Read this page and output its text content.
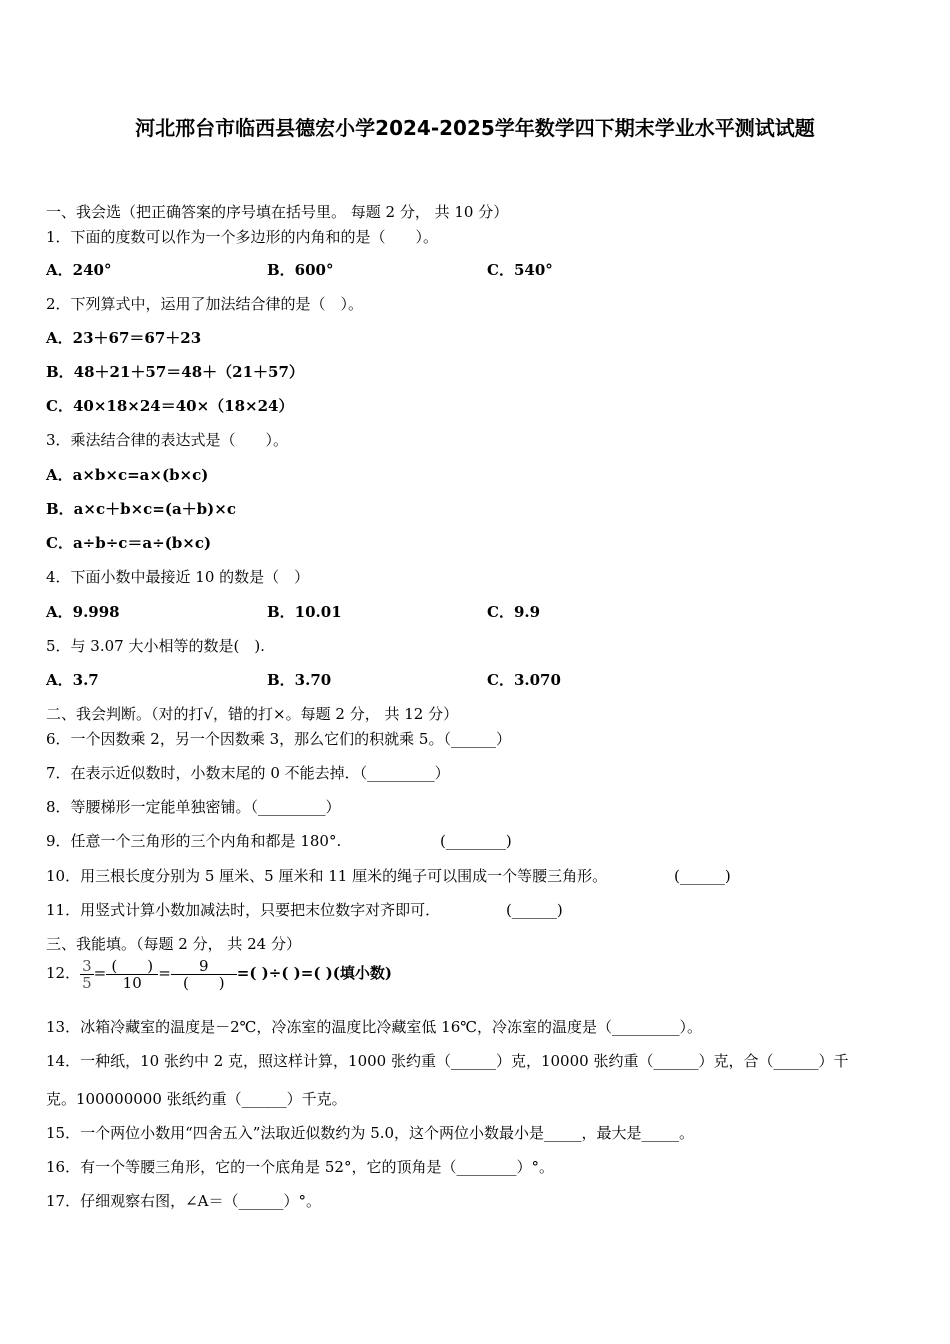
河北邢台市临西县德宏小学2024-2025学年数学四下期末学业水平测试试题
一、我会选（把正确答案的序号填在括号里。 每题 2 分， 共 10 分）
1．下面的度数可以作为一个多边形的内角和的是（　　）。
A．240°	B．600°	C．540°
2．下列算式中，运用了加法结合律的是（　）。
A．23＋67＝67＋23
B．48＋21＋57＝48＋（21＋57）
C．40×18×24＝40×（18×24）
3．乘法结合律的表达式是（　　）。
A．a×b×c=a×(b×c)
B．a×c＋b×c=(a＋b)×c
C．a÷b÷c＝a÷(b×c)
4．下面小数中最接近 10 的数是（　）
A．9.998	B．10.01	C．9.9
5．与 3.07 大小相等的数是(　).
A．3.7	B．3.70	C．3.070
二、我会判断。（对的打√，错的打×。每题 2 分， 共 12 分）
6．一个因数乘 2，另一个因数乘 3，那么它们的积就乘 5。（______）
7．在表示近似数时，小数末尾的 0 不能去掉．（_________）
8．等腰梯形一定能单独密铺。（_________）
9．任意一个三角形的三个内角和都是 180°.	(________)
10．用三根长度分别为 5 厘米、5 厘米和 11 厘米的绳子可以围成一个等腰三角形。	(______)
11．用竖式计算小数加减法时，只要把末位数字对齐即可．	(______)
三、我能填。（每题 2 分， 共 24 分）
12． $\frac{3}{5} = \frac{( )}{10} = \frac{9}{( )}$ =( )÷( )=( )(填小数)
13．冰箱冷藏室的温度是－2℃，冷冻室的温度比冷藏室低 16℃，冷冻室的温度是（_________）。
14．一种纸，10 张约中 2 克，照这样计算，1000 张约重（______）克，10000 张约重（______）克，合（______）千
克。100000000 张纸约重（______）千克。
15．一个两位小数用“四舍五入”法取近似数约为 5.0，这个两位小数最小是_____，最大是_____。
16．有一个等腰三角形，它的一个底角是 52°，它的顶角是（________）°。
17．仔细观察右图，∠A＝（______）°。
